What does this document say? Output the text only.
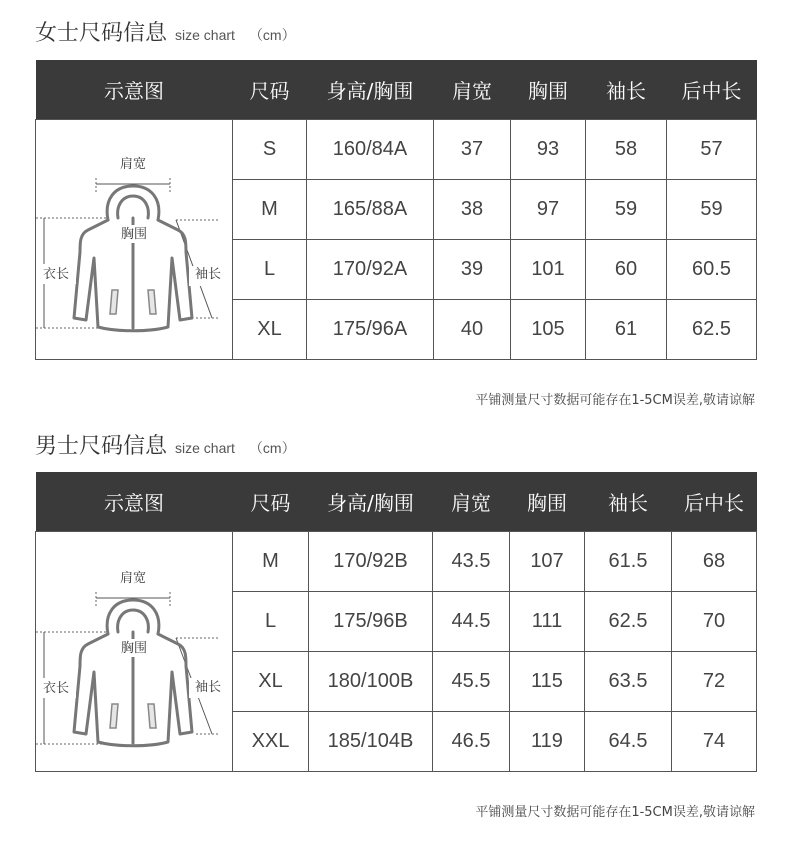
女士尺码信息 size chart （cm）
示意图	尺码	身高/胸围	肩宽	胸围	袖长	后中长

肩宽
胸围
衣长 袖长	S	160/84A	37	93	58	57
	M	165/88A	38	97	59	59
	L	170/92A	39	101	60	60.5
	XL	175/96A	40	105	61	62.5
平铺测量尺寸数据可能存在1-5CM误差,敬请谅解
男士尺码信息 size chart （cm）
示意图	尺码	身高/胸围	肩宽	胸围	袖长	后中长

肩宽
胸围
衣长 袖长	M	170/92B	43.5	107	61.5	68
	L	175/96B	44.5	111	62.5	70
	XL	180/100B	45.5	115	63.5	72
	XXL	185/104B	46.5	119	64.5	74
平铺测量尺寸数据可能存在1-5CM误差,敬请谅解
